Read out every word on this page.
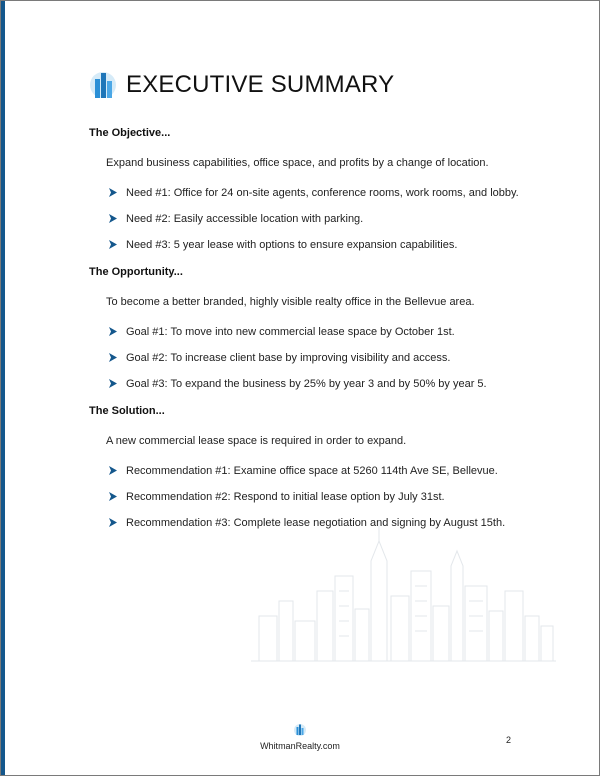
EXECUTIVE SUMMARY
The Objective...
Expand business capabilities, office space, and profits by a change of location.
Need #1: Office for 24 on-site agents, conference rooms, work rooms, and lobby.
Need #2: Easily accessible location with parking.
Need #3: 5 year lease with options to ensure expansion capabilities.
The Opportunity...
To become a better branded, highly visible realty office in the Bellevue area.
Goal #1: To move into new commercial lease space by October 1st.
Goal #2: To increase client base by improving visibility and access.
Goal #3: To expand the business by 25% by year 3 and by 50% by year 5.
The Solution...
A new commercial lease space is required in order to expand.
Recommendation #1: Examine office space at 5260 114th Ave SE, Bellevue.
Recommendation #2: Respond to initial lease option by July 31st.
Recommendation #3: Complete lease negotiation and signing by August 15th.
WhitmanRealty.com
2
